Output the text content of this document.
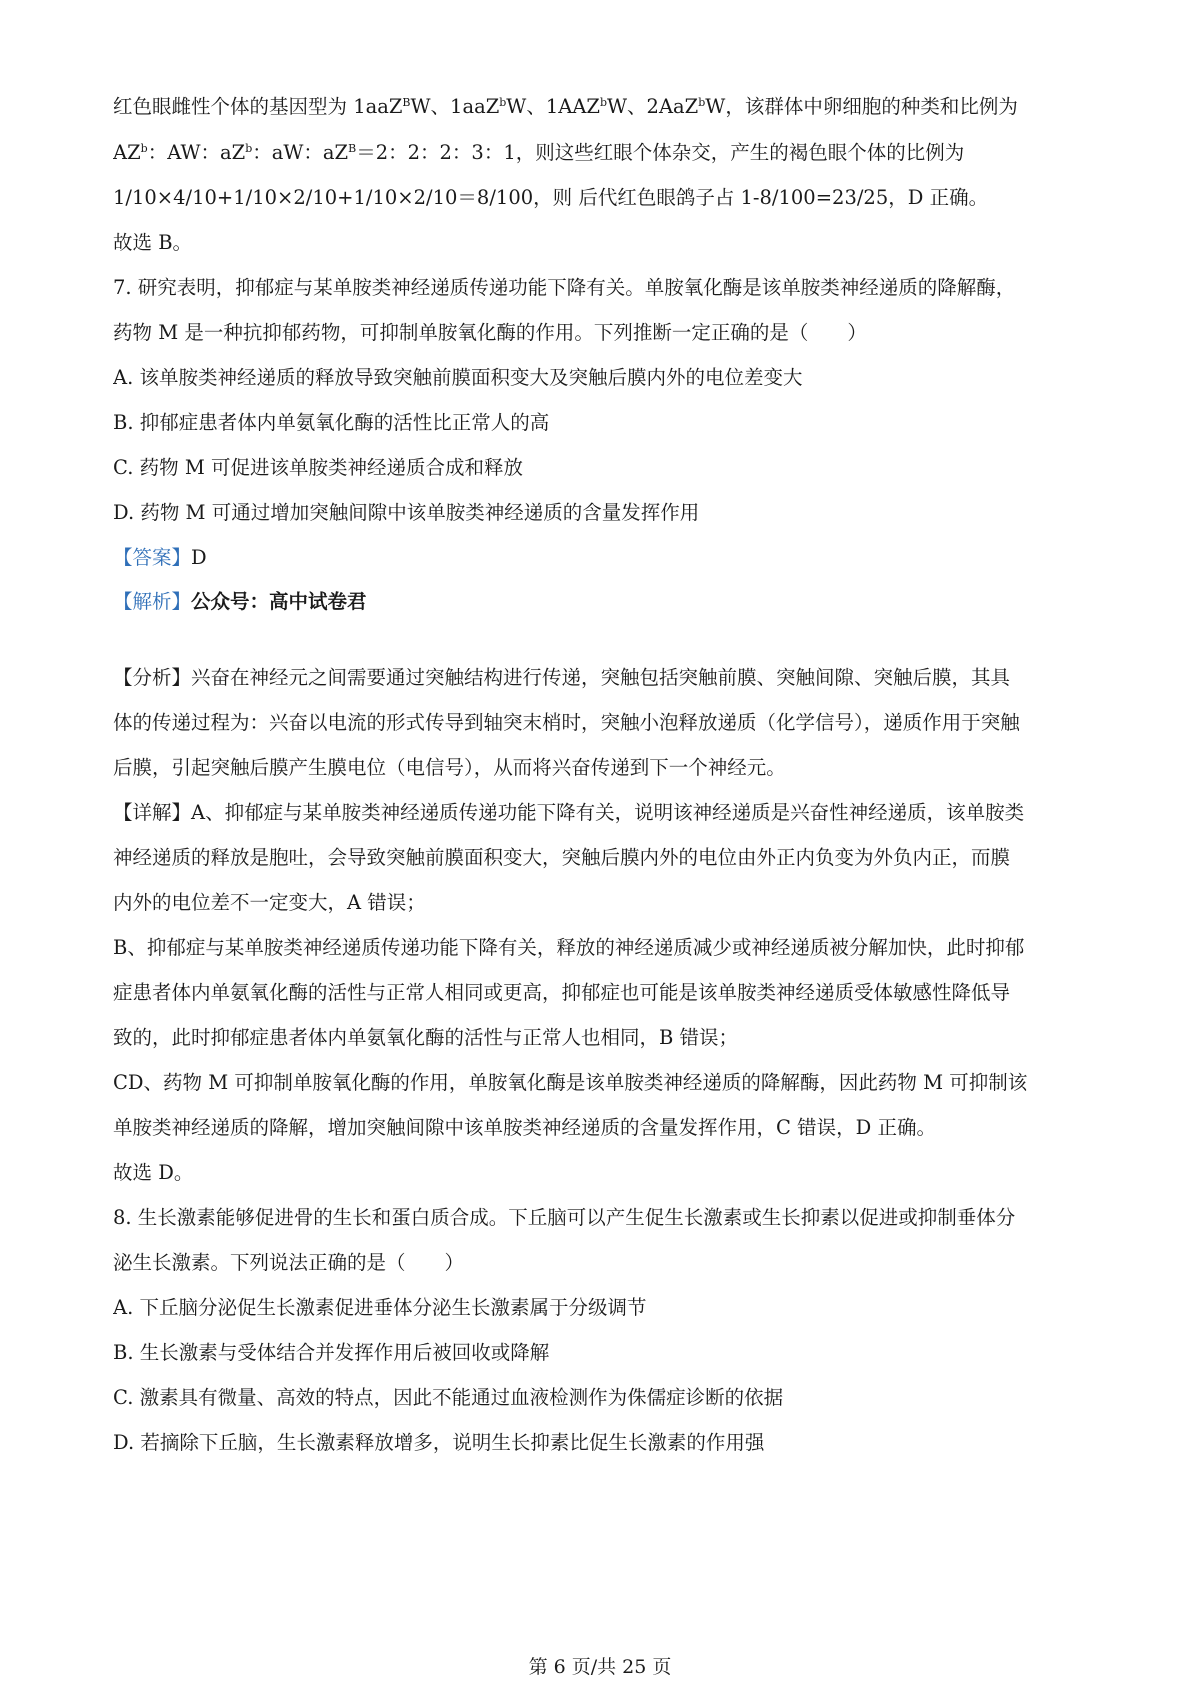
红色眼雌性个体的基因型为 1aaZ$^B$W、1aaZ$^b$W、1AAZ$^b$W、2AaZ$^b$W，该群体中卵细胞的种类和比例为
$AZ^b$：AW：$aZ^b$：aW：$aZ^B=2$：2：2：3：1，则这些红眼个体杂交，产生的褐色眼个体的比例为
1/10×4/10+1/10×2/10+1/10×2/10＝8/100，则 后代红色眼鸽子占 1-8/100=23/25，D 正确。
故选 B。
7. 研究表明，抑郁症与某单胺类神经递质传递功能下降有关。单胺氧化酶是该单胺类神经递质的降解酶，
药物 M 是一种抗抑郁药物，可抑制单胺氧化酶的作用。下列推断一定正确的是（　　）
A. 该单胺类神经递质的释放导致突触前膜面积变大及突触后膜内外的电位差变大
B. 抑郁症患者体内单氨氧化酶的活性比正常人的高
C. 药物 M 可促进该单胺类神经递质合成和释放
D. 药物 M 可通过增加突触间隙中该单胺类神经递质的含量发挥作用
【答案】D
【解析】公众号：高中试卷君
【分析】兴奋在神经元之间需要通过突触结构进行传递，突触包括突触前膜、突触间隙、突触后膜，其具
体的传递过程为：兴奋以电流的形式传导到轴突末梢时，突触小泡释放递质（化学信号），递质作用于突触
后膜，引起突触后膜产生膜电位（电信号），从而将兴奋传递到下一个神经元。
【详解】A、抑郁症与某单胺类神经递质传递功能下降有关，说明该神经递质是兴奋性神经递质，该单胺类
神经递质的释放是胞吐，会导致突触前膜面积变大，突触后膜内外的电位由外正内负变为外负内正，而膜
内外的电位差不一定变大，A 错误；
B、抑郁症与某单胺类神经递质传递功能下降有关，释放的神经递质减少或神经递质被分解加快，此时抑郁
症患者体内单氨氧化酶的活性与正常人相同或更高，抑郁症也可能是该单胺类神经递质受体敏感性降低导
致的，此时抑郁症患者体内单氨氧化酶的活性与正常人也相同，B 错误；
CD、药物 M 可抑制单胺氧化酶的作用，单胺氧化酶是该单胺类神经递质的降解酶，因此药物 M 可抑制该
单胺类神经递质的降解，增加突触间隙中该单胺类神经递质的含量发挥作用，C 错误，D 正确。
故选 D。
8. 生长激素能够促进骨的生长和蛋白质合成。下丘脑可以产生促生长激素或生长抑素以促进或抑制垂体分
泌生长激素。下列说法正确的是（　　）
A. 下丘脑分泌促生长激素促进垂体分泌生长激素属于分级调节
B. 生长激素与受体结合并发挥作用后被回收或降解
C. 激素具有微量、高效的特点，因此不能通过血液检测作为侏儒症诊断的依据
D. 若摘除下丘脑，生长激素释放增多，说明生长抑素比促生长激素的作用强
第 6 页/共 25 页
